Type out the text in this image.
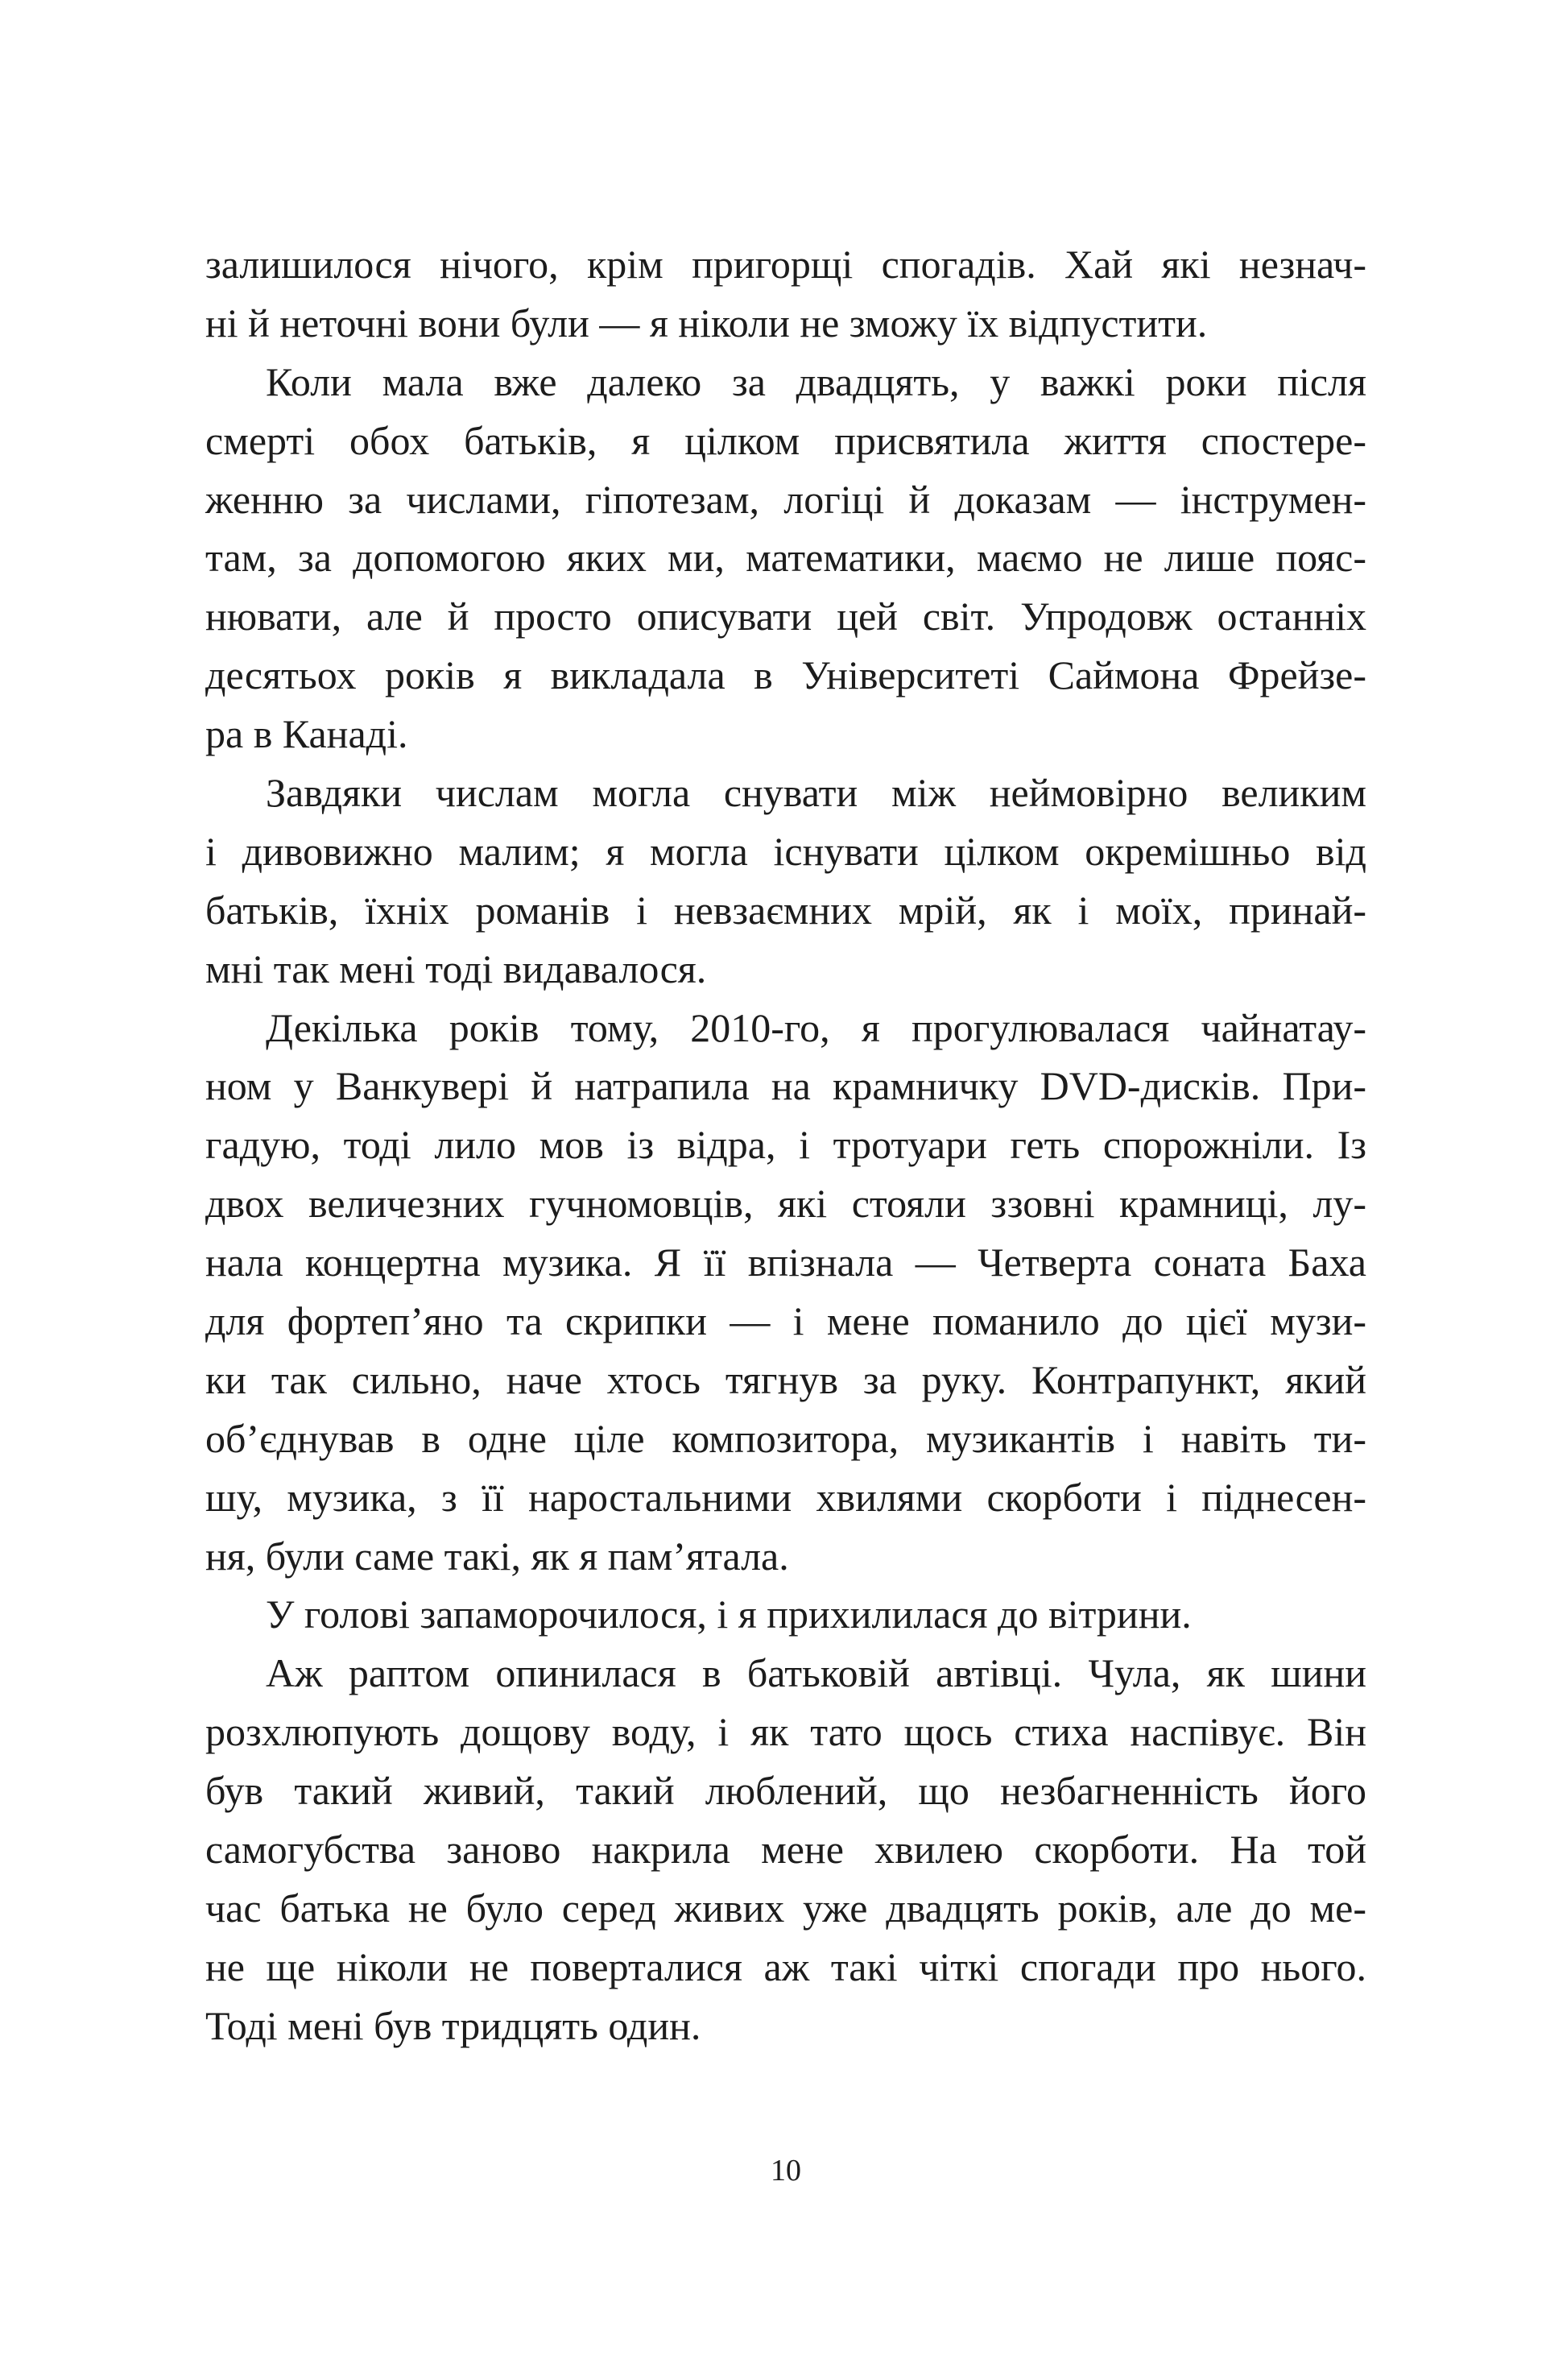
залишилося нічого, крім пригорщі спогадів. Хай які незнач-
ні й неточні вони були — я ніколи не зможу їх відпустити.
Коли мала вже далеко за двадцять, у важкі роки після
смерті обох батьків, я цілком присвятила життя спостере-
женню за числами, гіпотезам, логіці й доказам — інструмен-
там, за допомогою яких ми, математики, маємо не лише пояс-
нювати, але й просто описувати цей світ. Упродовж останніх
десятьох років я викладала в Університеті Саймона Фрейзе-
ра в Канаді.
Завдяки числам могла снувати між неймовірно великим
і дивовижно малим; я могла існувати цілком окремішньо від
батьків, їхніх романів і невзаємних мрій, як і моїх, принай-
мні так мені тоді видавалося.
Декілька років тому, 2010-го, я прогулювалася чайнатау-
ном у Ванкувері й натрапила на крамничку DVD-дисків. При-
гадую, тоді лило мов із відра, і тротуари геть спорожніли. Із
двох величезних гучномовців, які стояли ззовні крамниці, лу-
нала концертна музика. Я її впізнала — Четверта соната Баха
для фортеп’яно та скрипки — і мене поманило до цієї музи-
ки так сильно, наче хтось тягнув за руку. Контрапункт, який
об’єднував в одне ціле композитора, музикантів і навіть ти-
шу, музика, з її наростальними хвилями скорботи і піднесен-
ня, були саме такі, як я пам’ятала.
У голові запаморочилося, і я прихилилася до вітрини.
Аж раптом опинилася в батьковій автівці. Чула, як шини
розхлюпують дощову воду, і як тато щось стиха наспівує. Він
був такий живий, такий люблений, що незбагненність його
самогубства заново накрила мене хвилею скорботи. На той
час батька не було серед живих уже двадцять років, але до ме-
не ще ніколи не поверталися аж такі чіткі спогади про нього.
Тоді мені був тридцять один.
10
